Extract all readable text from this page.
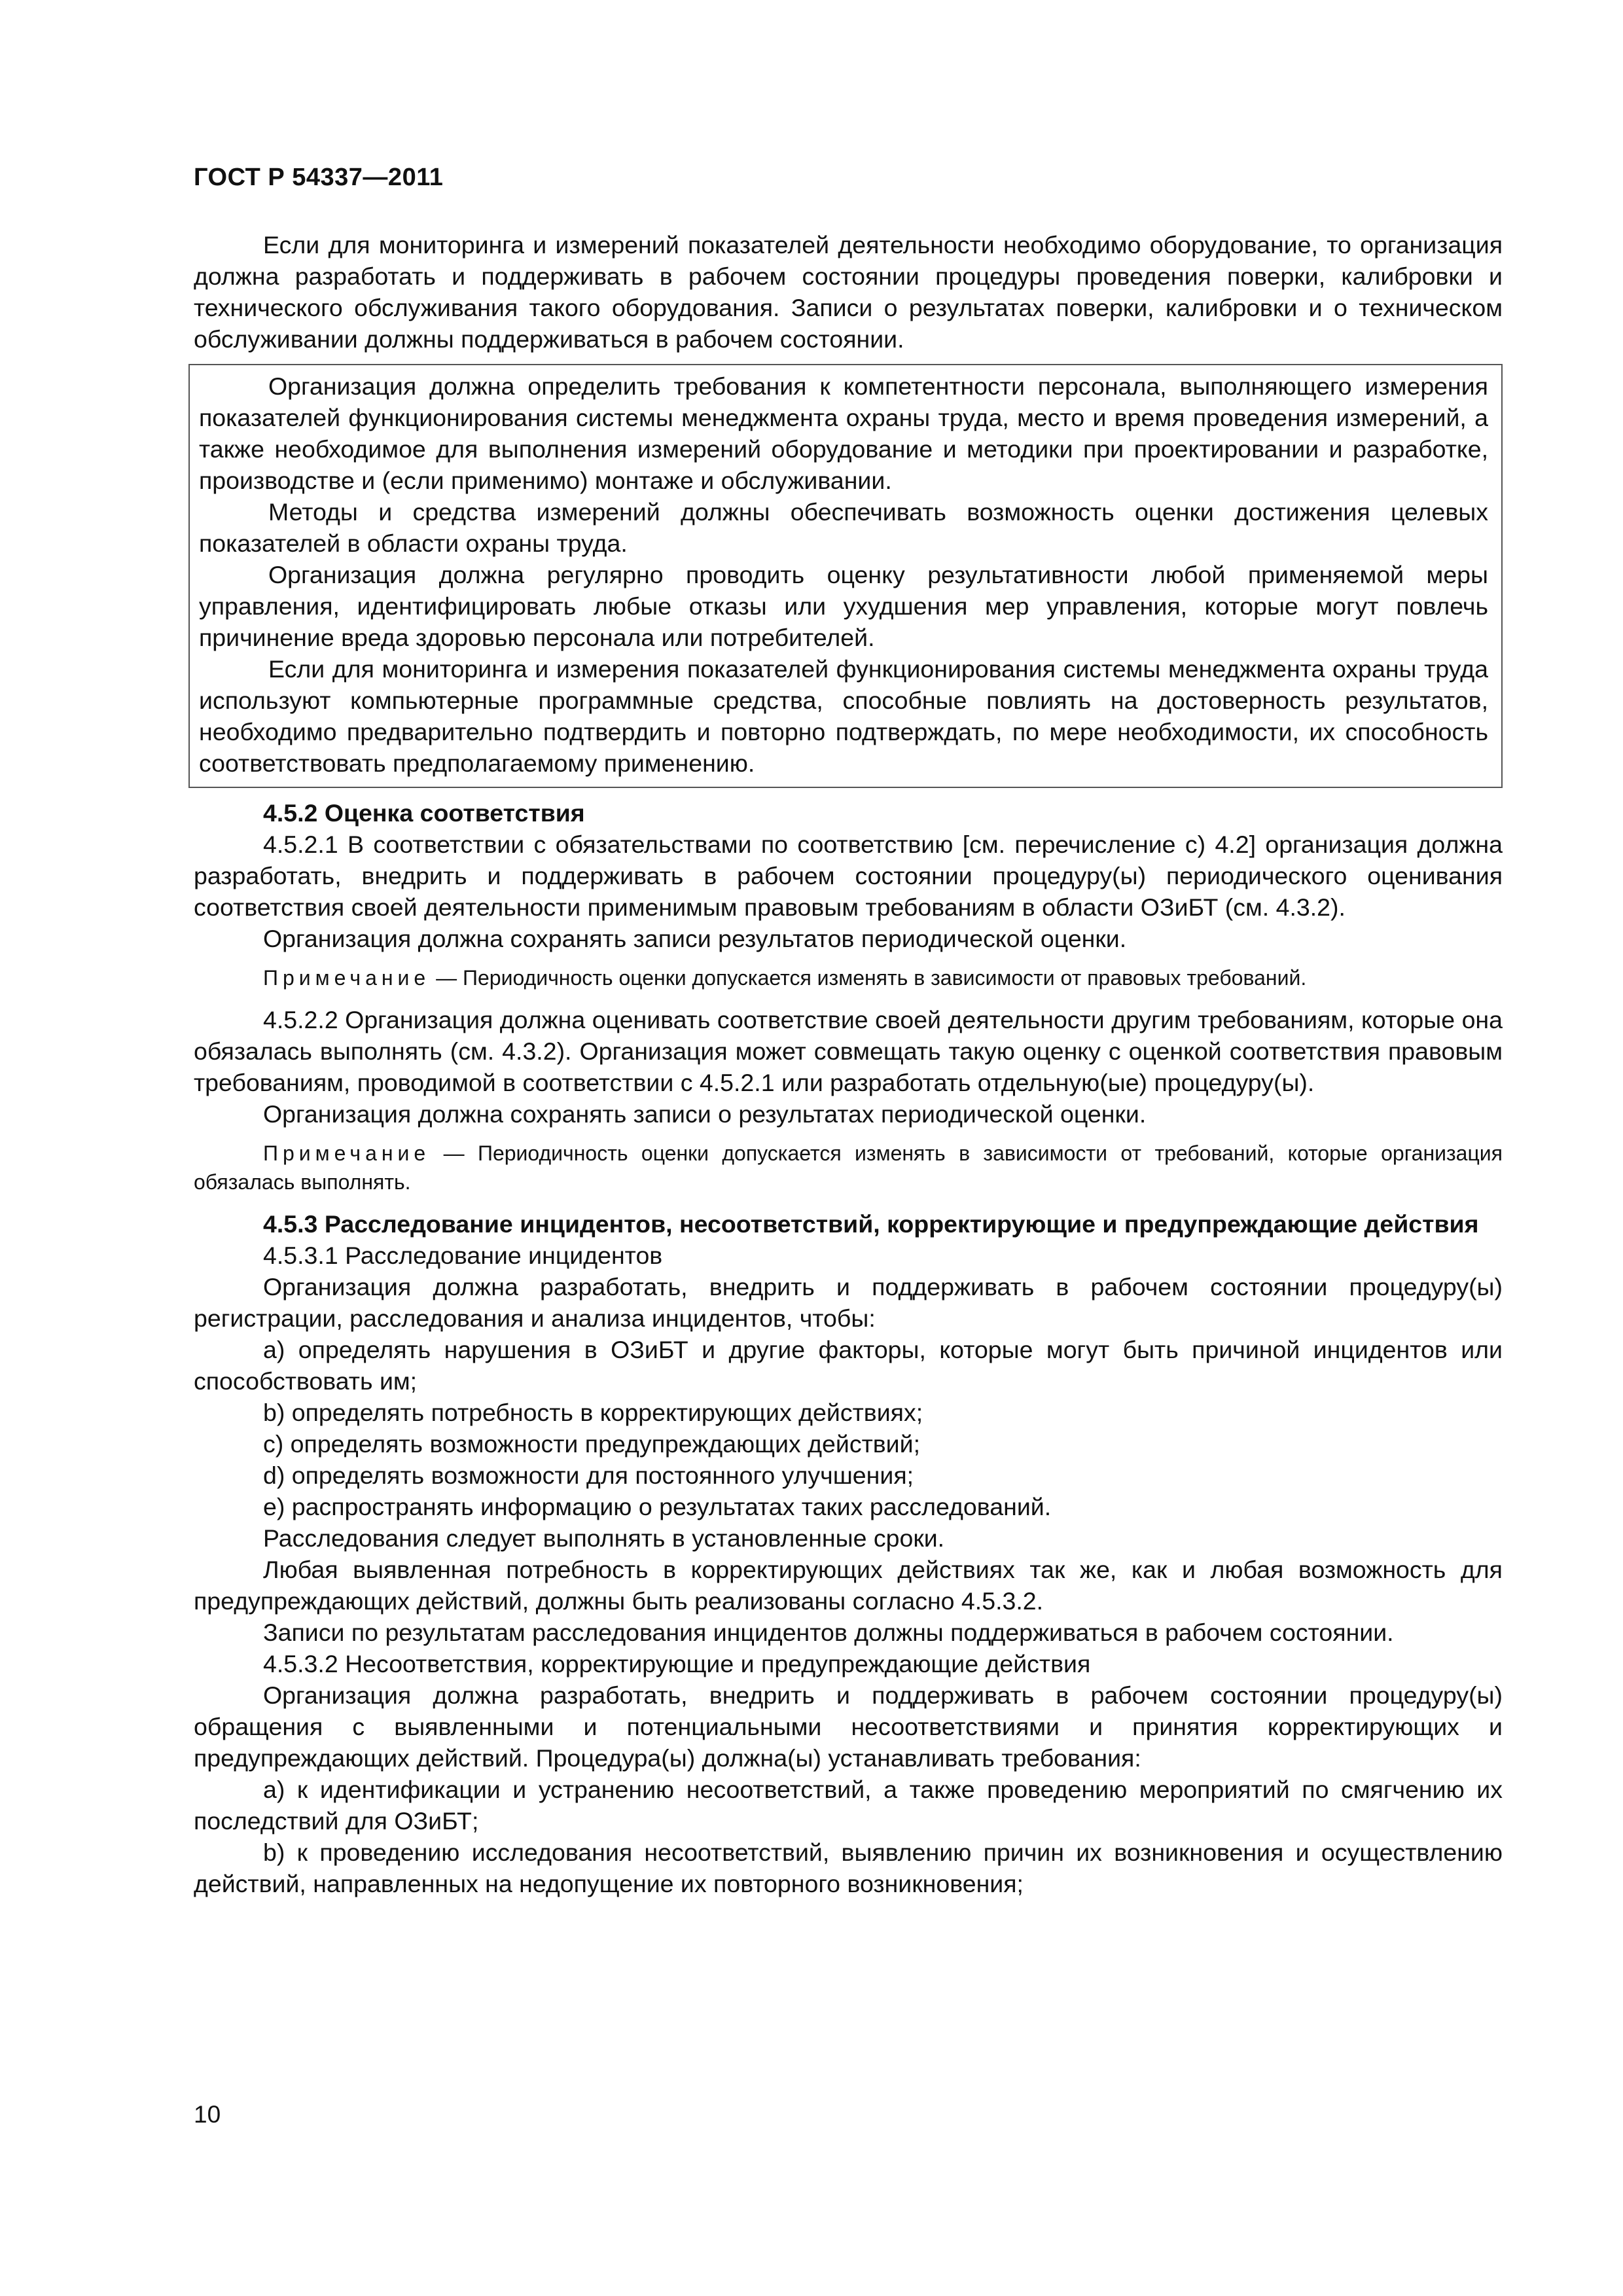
ГОСТ Р 54337—2011

Если для мониторинга и измерений показателей деятельности необходимо оборудование, то организация должна разработать и поддерживать в рабочем состоянии процедуры проведения поверки, калибровки и технического обслуживания такого оборудования. Записи о результатах поверки, калибровки и о техническом обслуживании должны поддерживаться в рабочем состоянии.

Организация должна определить требования к компетентности персонала, выполняющего измерения показателей функционирования системы менеджмента охраны труда, место и время проведения измерений, а также необходимое для выполнения измерений оборудование и методики при проектировании и разработке, производстве и (если применимо) монтаже и обслуживании.

Методы и средства измерений должны обеспечивать возможность оценки достижения целевых показателей в области охраны труда.

Организация должна регулярно проводить оценку результативности любой применяемой меры управления, идентифицировать любые отказы или ухудшения мер управления, которые могут повлечь причинение вреда здоровью персонала или потребителей.

Если для мониторинга и измерения показателей функционирования системы менеджмента охраны труда используют компьютерные программные средства, способные повлиять на достоверность результатов, необходимо предварительно подтвердить и повторно подтверждать, по мере необходимости, их способность соответствовать предполагаемому применению.

4.5.2 Оценка соответствия

4.5.2.1 В соответствии с обязательствами по соответствию [см. перечисление с) 4.2] организация должна разработать, внедрить и поддерживать в рабочем состоянии процедуру(ы) периодического оценивания соответствия своей деятельности применимым правовым требованиям в области ОЗиБТ (см. 4.3.2).

Организация должна сохранять записи результатов периодической оценки.

Примечание — Периодичность оценки допускается изменять в зависимости от правовых требований.

4.5.2.2 Организация должна оценивать соответствие своей деятельности другим требованиям, которые она обязалась выполнять (см. 4.3.2). Организация может совмещать такую оценку с оценкой соответствия правовым требованиям, проводимой в соответствии с 4.5.2.1 или разработать отдельную(ые) процедуру(ы).

Организация должна сохранять записи о результатах периодической оценки.

Примечание — Периодичность оценки допускается изменять в зависимости от требований, которые организация обязалась выполнять.

4.5.3 Расследование инцидентов, несоответствий, корректирующие и предупреждающие действия

4.5.3.1 Расследование инцидентов

Организация должна разработать, внедрить и поддерживать в рабочем состоянии процедуру(ы) регистрации, расследования и анализа инцидентов, чтобы:

а) определять нарушения в ОЗиБТ и другие факторы, которые могут быть причиной инцидентов или способствовать им;

b) определять потребность в корректирующих действиях;

с) определять возможности предупреждающих действий;

d) определять возможности для постоянного улучшения;

е) распространять информацию о результатах таких расследований.

Расследования следует выполнять в установленные сроки.

Любая выявленная потребность в корректирующих действиях так же, как и любая возможность для предупреждающих действий, должны быть реализованы согласно 4.5.3.2.

Записи по результатам расследования инцидентов должны поддерживаться в рабочем состоянии.

4.5.3.2 Несоответствия, корректирующие и предупреждающие действия

Организация должна разработать, внедрить и поддерживать в рабочем состоянии процедуру(ы) обращения с выявленными и потенциальными несоответствиями и принятия корректирующих и предупреждающих действий. Процедура(ы) должна(ы) устанавливать требования:

а) к идентификации и устранению несоответствий, а также проведению мероприятий по смягчению их последствий для ОЗиБТ;

b) к проведению исследования несоответствий, выявлению причин их возникновения и осуществлению действий, направленных на недопущение их повторного возникновения;

10
